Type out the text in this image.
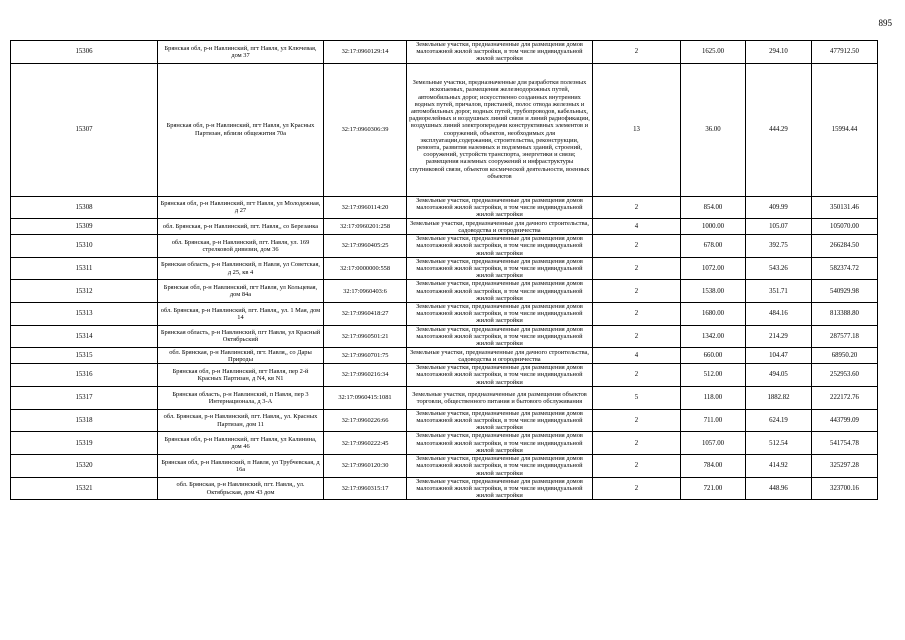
895
15306	Брянская обл, р-н Навлинский, пгт Навля, ул Ключевая, дом 37	32:17:0960129:14	Земельные участки, предназначенные для размещения домов малоэтажной жилой застройки, в том числе индивидуальной жилой застройки	2	1625.00	294.10	477912.50
15307	Брянская обл, р-н Навлинский, пгт Навля, ул Красных Партизан, вблизи общежития 70а	32:17:0960306:39	Земельные участки, предназначенные для разработки полезных ископаемых, размещения железнодорожных путей, автомобильных дорог, искусственно созданных внутренних водных путей, причалов, пристаней, полос отвода железных и автомобильных дорог, водных путей, трубопроводов, кабельных, радиорелейных и воздушных линий связи и линий радиофикации, воздушных линий электропередачи конструктивных элементов и сооружений, объектов, необходимых для эксплуатации,содержания, строительства, реконструкции, ремонта, развития наземных и подземных зданий, строений, сооружений, устройств транспорта, энергетики и связи; размещения наземных сооружений и инфраструктуры спутниковой связи, объектов космической деятельности, военных объектов	13	36.00	444.29	15994.44
15308	Брянская обл, р-н Навлинский, пгт Навля, ул Молодежная, д 27	32:17:0960114:20	Земельные участки, предназначенные для размещения домов малоэтажной жилой застройки, в том числе индивидуальной жилой застройки	2	854.00	409.99	350131.46
15309	обл. Брянская, р-н Навлинский, пгт. Навля,, со Березанка	32:17:0960201:258	Земельные участки, предназначенные для дачного строительства, садоводства и огородничества	4	1000.00	105.07	105070.00
15310	обл. Брянская, р-н Навлинский, пгт. Навля, ул. 169 стрелковой дивизии, дом 36	32:17:0960405:25	Земельные участки, предназначенные для размещения домов малоэтажной жилой застройки, в том числе индивидуальной жилой застройки	2	678.00	392.75	266284.50
15311	Брянская область, р-н Навлинский, п Навля, ул Советская, д 25, кв 4	32:17:0000000:558	Земельные участки, предназначенные для размещения домов малоэтажной жилой застройки, в том числе индивидуальной жилой застройки	2	1072.00	543.26	582374.72
15312	Брянская обл, р-н Навлинский, пгт Навля, ул Кольцевая, дом 84а	32:17:0960403:6	Земельные участки, предназначенные для размещения домов малоэтажной жилой застройки, в том числе индивидуальной жилой застройки	2	1538.00	351.71	540929.98
15313	обл. Брянская, р-н Навлинский, пгт. Навля,, ул. 1 Мая, дом 14	32:17:0960418:27	Земельные участки, предназначенные для размещения домов малоэтажной жилой застройки, в том числе индивидуальной жилой застройки	2	1680.00	484.16	813388.80
15314	Брянская область, р-н Навлинский, пгт Навля, ул Красный Октябрьский	32:17:0960501:21	Земельные участки, предназначенные для размещения домов малоэтажной жилой застройки, в том числе индивидуальной жилой застройки	2	1342.00	214.29	287577.18
15315	обл. Брянская, р-н Навлинский, пгт. Навля,, со Дары Природы	32:17:0960701:75	Земельные участки, предназначенные для дачного строительства, садоводства и огородничества	4	660.00	104.47	68950.20
15316	Брянская обл, р-н Навлинский, пгт Навля, пер 2-й Красных Партизан, д N4, кв N1	32:17:0960216:34	Земельные участки, предназначенные для размещения домов малоэтажной жилой застройки, в том числе индивидуальной жилой застройки	2	512.00	494.05	252953.60
15317	Брянская область, р-н Навлинский, п Навля, пер 3 Интернационала, д 3-А	32:17:0960415:1081	Земельные участки, предназначенные для размещения объектов торговли, общественного питания и бытового обслуживания	5	118.00	1882.82	222172.76
15318	обл. Брянская, р-н Навлинский, пгт. Навля,, ул. Красных Партизан, дом 11	32:17:0960226:66	Земельные участки, предназначенные для размещения домов малоэтажной жилой застройки, в том числе индивидуальной жилой застройки	2	711.00	624.19	443799.09
15319	Брянская обл, р-н Навлинский, пгт Навля, ул Калинина, дом 46	32:17:0960222:45	Земельные участки, предназначенные для размещения домов малоэтажной жилой застройки, в том числе индивидуальной жилой застройки	2	1057.00	512.54	541754.78
15320	Брянская обл, р-н Навлинский, п Навля, ул Трубчевская, д 16а	32:17:0960120:30	Земельные участки, предназначенные для размещения домов малоэтажной жилой застройки, в том числе индивидуальной жилой застройки	2	784.00	414.92	325297.28
15321	обл. Брянская, р-н Навлинский, пгт. Навля,, ул. Октябрьская, дом 43 дом	32:17:0960315:17	Земельные участки, предназначенные для размещения домов малоэтажной жилой застройки, в том числе индивидуальной жилой застройки	2	721.00	448.96	323700.16
